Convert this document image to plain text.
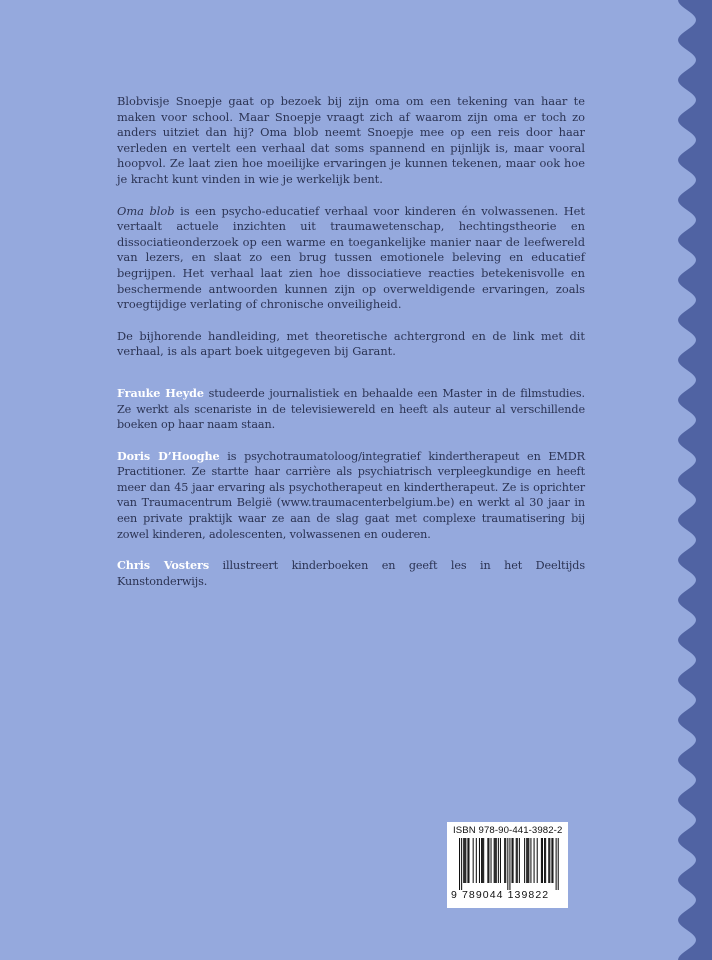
Blobvisje Snoepje gaat op bezoek bij zijn oma om een tekening van haar te maken voor school. Maar Snoepje vraagt zich af waarom zijn oma er toch zo anders uitziet dan hij? Oma blob neemt Snoepje mee op een reis door haar verleden en vertelt een verhaal dat soms spannend en pijnlijk is, maar vooral hoopvol. Ze laat zien hoe moeilijke ervaringen je kunnen tekenen, maar ook hoe je kracht kunt vinden in wie je werkelijk bent.

Oma blob is een psycho-educatief verhaal voor kinderen én volwassenen. Het vertaalt actuele inzichten uit traumawetenschap, hechtingstheorie en dissociatieonderzoek op een warme en toegankelijke manier naar de leefwereld van lezers, en slaat zo een brug tussen emotionele beleving en educatief begrijpen. Het verhaal laat zien hoe dissociatieve reacties betekenisvolle en beschermende antwoorden kunnen zijn op overweldigende ervaringen, zoals vroegtijdige verlating of chronische onveiligheid.

De bijhorende handleiding, met theoretische achtergrond en de link met dit verhaal, is als apart boek uitgegeven bij Garant.

Frauke Heyde studeerde journalistiek en behaalde een Master in de filmstudies. Ze werkt als scenariste in de televisiewereld en heeft als auteur al verschillende boeken op haar naam staan.

Doris D’Hooghe is psychotraumatoloog/integratief kindertherapeut en EMDR Practitioner. Ze startte haar carrière als psychiatrisch verpleegkundige en heeft meer dan 45 jaar ervaring als psychotherapeut en kindertherapeut. Ze is oprichter van Traumacentrum België (www.traumacenterbelgium.be) en werkt al 30 jaar in een private praktijk waar ze aan de slag gaat met complexe traumatisering bij zowel kinderen, adolescenten, volwassenen en ouderen.

Chris Vosters illustreert kinderboeken en geeft les in het Deeltijds Kunstonderwijs.

ISBN 978-90-441-3982-2
9 789044 139822
